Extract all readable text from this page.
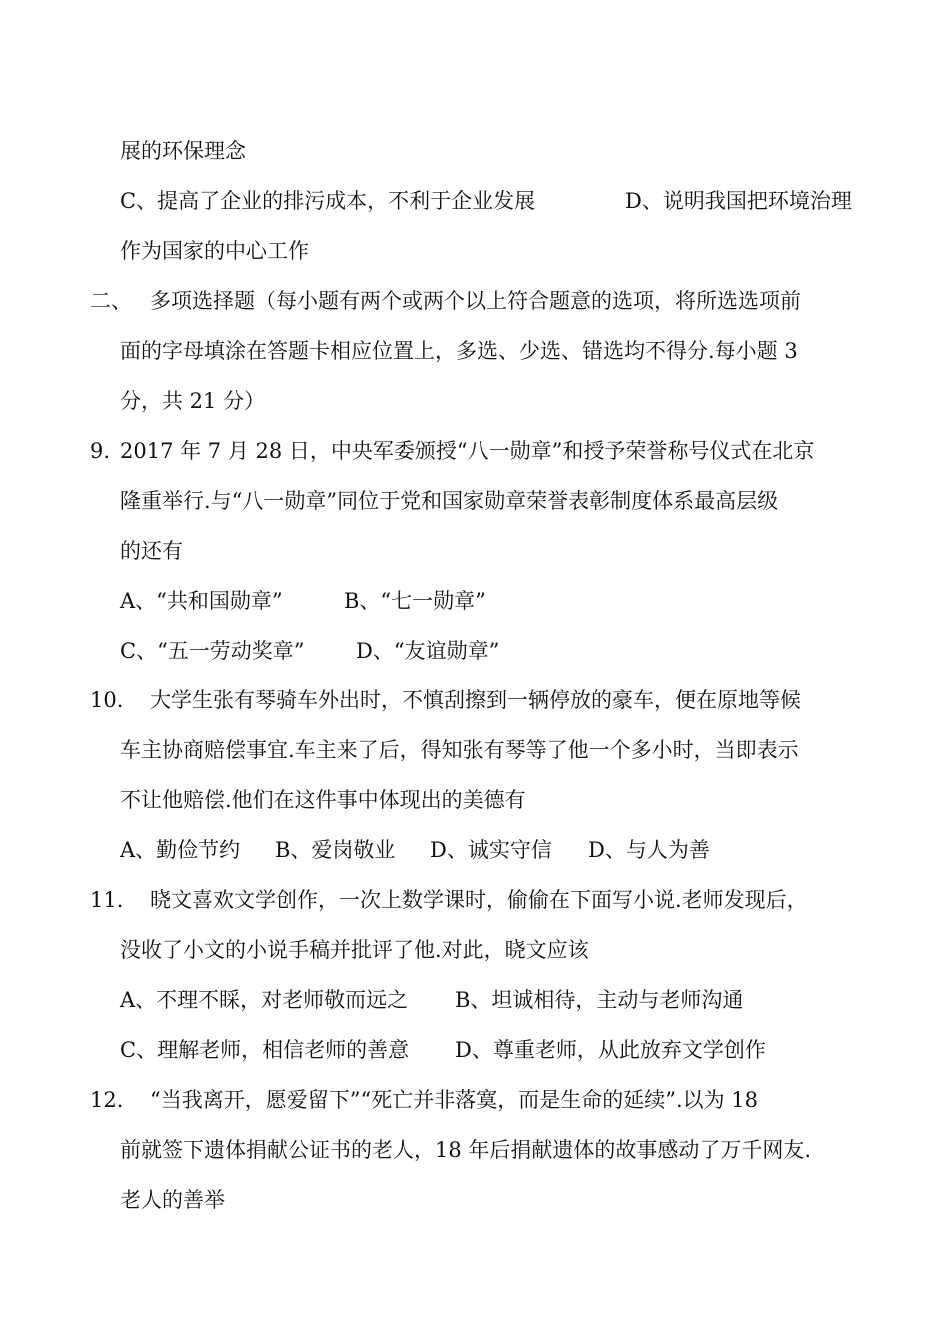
展的环保理念
C、提高了企业的排污成本，不利于企业发展	D、说明我国把环境治理
作为国家的中心工作
二、 多项选择题（每小题有两个或两个以上符合题意的选项，将所选选项前
面的字母填涂在答题卡相应位置上，多选、少选、错选均不得分.每小题 3
分，共 21 分）
9. 2017 年 7 月 28 日，中央军委颁授“八一勋章”和授予荣誉称号仪式在北京
隆重举行.与“八一勋章”同位于党和国家勋章荣誉表彰制度体系最高层级
的还有
A、“共和国勋章”	B、“七一勋章”
C、“五一劳动奖章” D、“友谊勋章”
10. 大学生张有琴骑车外出时，不慎刮擦到一辆停放的豪车，便在原地等候
车主协商赔偿事宜.车主来了后，得知张有琴等了他一个多小时，当即表示
不让他赔偿.他们在这件事中体现出的美德有
A、勤俭节约 B、爱岗敬业 D、诚实守信 D、与人为善
11. 晓文喜欢文学创作，一次上数学课时，偷偷在下面写小说.老师发现后，
没收了小文的小说手稿并批评了他.对此，晓文应该
A、不理不睬，对老师敬而远之 B、坦诚相待，主动与老师沟通
C、理解老师，相信老师的善意 D、尊重老师，从此放弃文学创作
12. “当我离开，愿爱留下”“死亡并非落寞，而是生命的延续”.以为 18
前就签下遗体捐献公证书的老人，18 年后捐献遗体的故事感动了万千网友.
老人的善举
